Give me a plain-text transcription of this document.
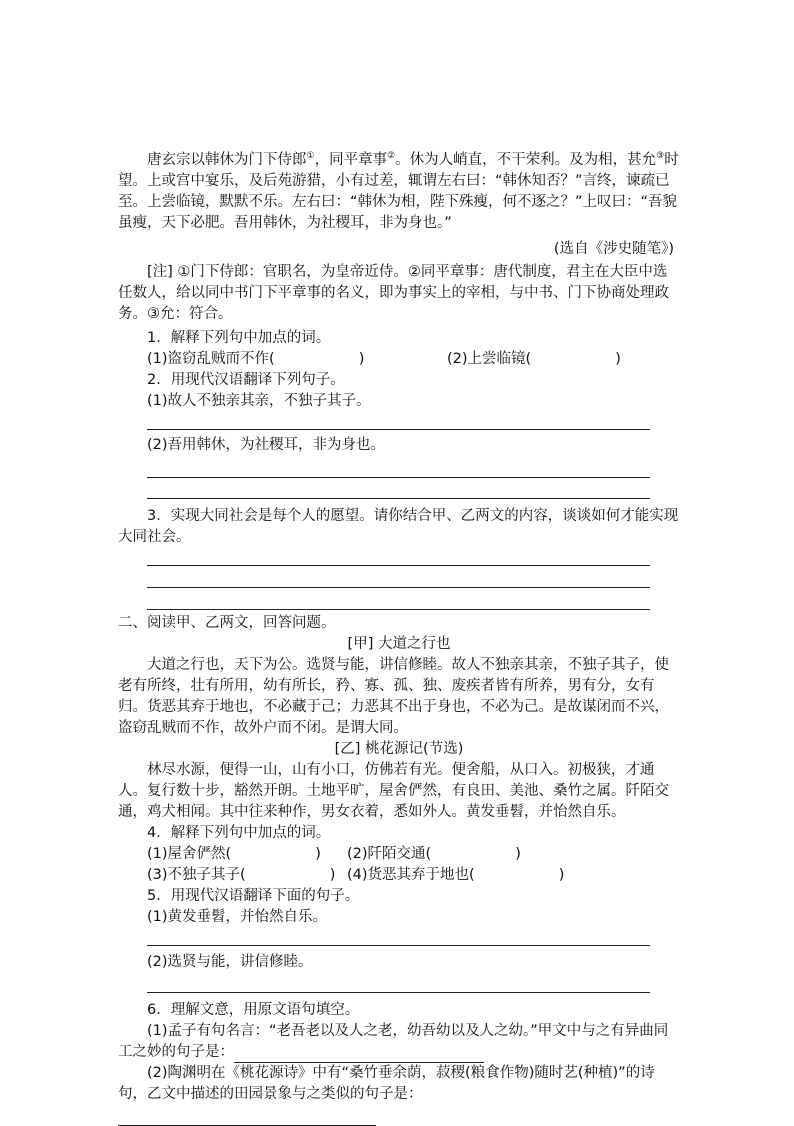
唐玄宗以韩休为门下侍郎①，同平章事②。休为人峭直，不干荣利。及为相，甚允③时望。上或宫中宴乐，及后苑游猎，小有过差，辄谓左右曰：“韩休知否？”言终，谏疏已至。上尝临镜，默默不乐。左右曰：“韩休为相，陛下殊瘦，何不逐之？”上叹曰：“吾貌虽瘦，天下必肥。吾用韩休，为社稷耳，非为身也。”

(选自《涉史随笔》)

[注] ①门下侍郎：官职名，为皇帝近侍。②同平章事：唐代制度，君主在大臣中选任数人，给以同中书门下平章事的名义，即为事实上的宰相，与中书、门下协商处理政务。③允：符合。

1．解释下列句中加点的词。

(1)盗窃乱贼而不作(	)	(2)上尝临镜(	)

2．用现代汉语翻译下列句子。

(1)故人不独亲其亲，不独子其子。

(2)吾用韩休，为社稷耳，非为身也。

3．实现大同社会是每个人的愿望。请你结合甲、乙两文的内容，谈谈如何才能实现大同社会。

二、阅读甲、乙两文，回答问题。

[甲] 大道之行也

大道之行也，天下为公。选贤与能，讲信修睦。故人不独亲其亲，不独子其子，使老有所终，壮有所用，幼有所长，矜、寡、孤、独、废疾者皆有所养，男有分，女有归。货恶其弃于地也，不必藏于己；力恶其不出于身也，不必为己。是故谋闭而不兴，盗窃乱贼而不作，故外户而不闭。是谓大同。

[乙] 桃花源记(节选)

林尽水源，便得一山，山有小口，仿佛若有光。便舍船，从口入。初极狭，才通人。复行数十步，豁然开朗。土地平旷，屋舍俨然，有良田、美池、桑竹之属。阡陌交通，鸡犬相闻。其中往来种作，男女衣着，悉如外人。黄发垂髫，并怡然自乐。

4．解释下列句中加点的词。

(1)屋舍俨然(	)	(2)阡陌交通(	)
(3)不独子其子(	) (4)货恶其弃于地也(	)

5．用现代汉语翻译下面的句子。

(1)黄发垂髫，并怡然自乐。

(2)选贤与能，讲信修睦。

6．理解文意，用原文语句填空。

(1)孟子有句名言：“老吾老以及人之老，幼吾幼以及人之幼。”甲文中与之有异曲同工之妙的句子是：

(2)陶渊明在《桃花源诗》中有“桑竹垂余荫，菽稷(粮食作物)随时艺(种植)”的诗句，乙文中描述的田园景象与之类似的句子是：
